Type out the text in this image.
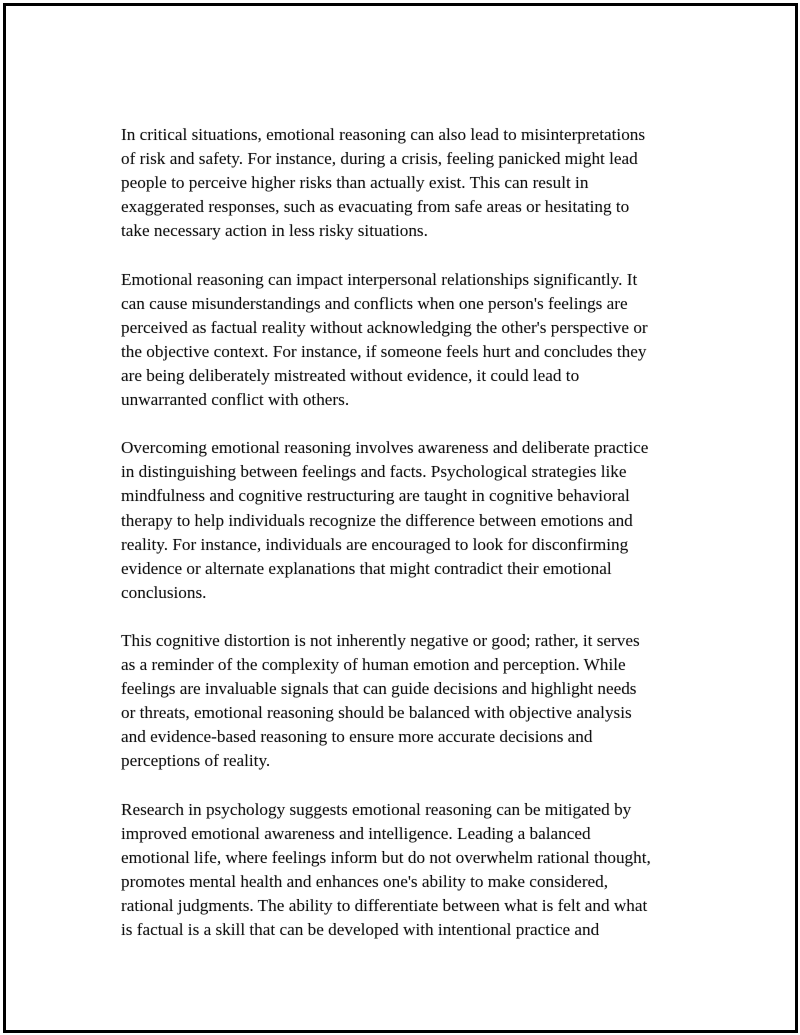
In critical situations, emotional reasoning can also lead to misinterpretations
of risk and safety. For instance, during a crisis, feeling panicked might lead
people to perceive higher risks than actually exist. This can result in
exaggerated responses, such as evacuating from safe areas or hesitating to
take necessary action in less risky situations.

Emotional reasoning can impact interpersonal relationships significantly. It
can cause misunderstandings and conflicts when one person's feelings are
perceived as factual reality without acknowledging the other's perspective or
the objective context. For instance, if someone feels hurt and concludes they
are being deliberately mistreated without evidence, it could lead to
unwarranted conflict with others.

Overcoming emotional reasoning involves awareness and deliberate practice
in distinguishing between feelings and facts. Psychological strategies like
mindfulness and cognitive restructuring are taught in cognitive behavioral
therapy to help individuals recognize the difference between emotions and
reality. For instance, individuals are encouraged to look for disconfirming
evidence or alternate explanations that might contradict their emotional
conclusions.

This cognitive distortion is not inherently negative or good; rather, it serves
as a reminder of the complexity of human emotion and perception. While
feelings are invaluable signals that can guide decisions and highlight needs
or threats, emotional reasoning should be balanced with objective analysis
and evidence-based reasoning to ensure more accurate decisions and
perceptions of reality.

Research in psychology suggests emotional reasoning can be mitigated by
improved emotional awareness and intelligence. Leading a balanced
emotional life, where feelings inform but do not overwhelm rational thought,
promotes mental health and enhances one's ability to make considered,
rational judgments. The ability to differentiate between what is felt and what
is factual is a skill that can be developed with intentional practice and
